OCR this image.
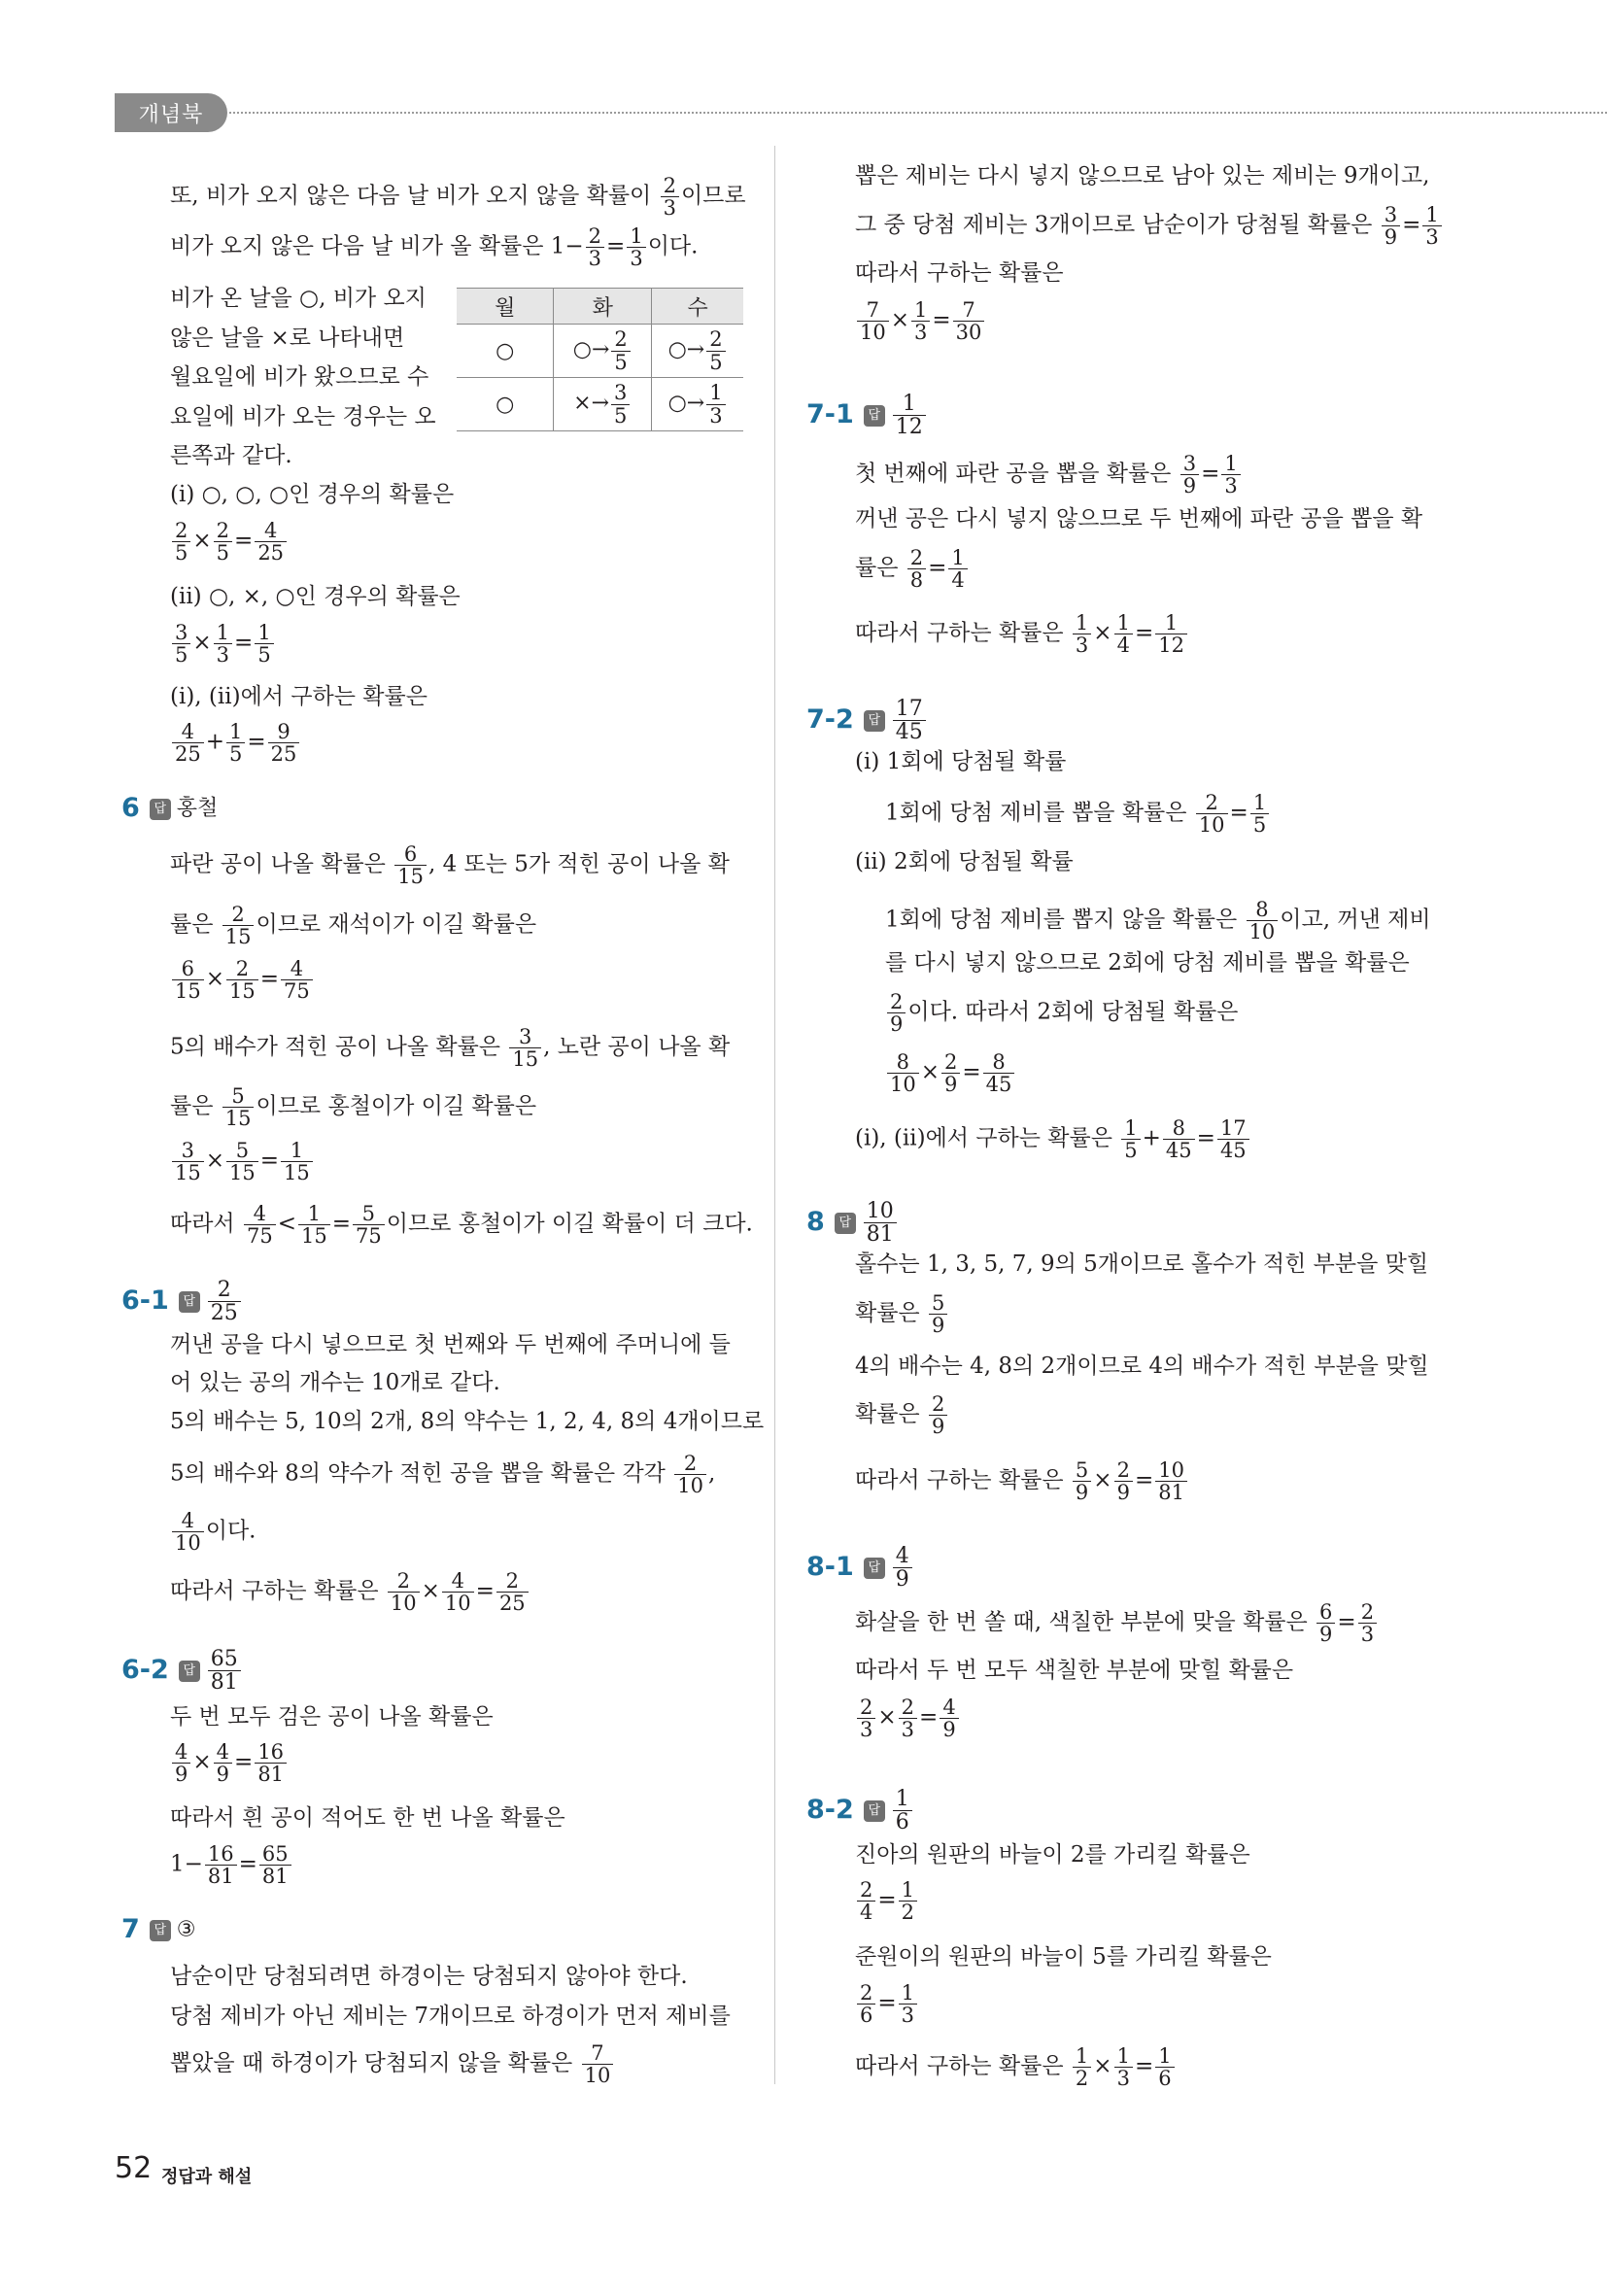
개념북
또, 비가 오지 않은 다음 날 비가 오지 않을 확률이 $\frac{2}{3}$ 이므로
비가 오지 않은 다음 날 비가 올 확률은 $1- \frac{2}{3} = \frac{1}{3}$ 이다.
비가 온 날을 ○, 비가 오지
않은 날을 ×로 나타내면
월요일에 비가 왔으므로 수
요일에 비가 오는 경우는 오
른쪽과 같다.
월	화	수
○	○→ $\frac{2}{5}$	○→ $\frac{2}{5}$

○	×→ $\frac{3}{5}$	○→ $\frac{1}{3}$
(ⅰ) ○, ○, ○인 경우의 확률은
$\frac{2}{5} \times \frac{2}{5} = \frac{4}{25}$
(ⅱ) ○, ×, ○인 경우의 확률은
$\frac{3}{5} \times \frac{1}{3} = \frac{1}{5}$
(ⅰ), (ⅱ)에서 구하는 확률은
$\frac{4}{25} + \frac{1}{5} = \frac{9}{25}$
6 답 홍철
파란 공이 나올 확률은 $\frac{6}{15}$ , 4 또는 5가 적힌 공이 나올 확
률은 $\frac{2}{15}$ 이므로 재석이가 이길 확률은
$\frac{6}{15} \times \frac{2}{15} = \frac{4}{75}$
5의 배수가 적힌 공이 나올 확률은 $\frac{3}{15}$ , 노란 공이 나올 확
률은 $\frac{5}{15}$ 이므로 홍철이가 이길 확률은
$\frac{3}{15} \times \frac{5}{15} = \frac{1}{15}$
따라서 $\frac{4}{75} < \frac{1}{15} = \frac{5}{75}$ 이므로 홍철이가 이길 확률이 더 크다.
6-1 답 $\frac{2}{25}$
꺼낸 공을 다시 넣으므로 첫 번째와 두 번째에 주머니에 들
어 있는 공의 개수는 10개로 같다.
5의 배수는 5, 10의 2개, 8의 약수는 1, 2, 4, 8의 4개이므로
5의 배수와 8의 약수가 적힌 공을 뽑을 확률은 각각 $\frac{2}{10}$ ,
$\frac{4}{10}$ 이다.
따라서 구하는 확률은 $\frac{2}{10} \times \frac{4}{10} = \frac{2}{25}$
6-2 답 $\frac{65}{81}$
두 번 모두 검은 공이 나올 확률은
$\frac{4}{9} \times \frac{4}{9} = \frac{16}{81}$
따라서 흰 공이 적어도 한 번 나올 확률은
$1- \frac{16}{81} = \frac{65}{81}$
7 답 ③
남순이만 당첨되려면 하경이는 당첨되지 않아야 한다.
당첨 제비가 아닌 제비는 7개이므로 하경이가 먼저 제비를
뽑았을 때 하경이가 당첨되지 않을 확률은 $\frac{7}{10}$
뽑은 제비는 다시 넣지 않으므로 남아 있는 제비는 9개이고,
그 중 당첨 제비는 3개이므로 남순이가 당첨될 확률은 $\frac{3}{9} = \frac{1}{3}$
따라서 구하는 확률은
$\frac{7}{10} \times \frac{1}{3} = \frac{7}{30}$
7-1 답 $\frac{1}{12}$
첫 번째에 파란 공을 뽑을 확률은 $\frac{3}{9} = \frac{1}{3}$
꺼낸 공은 다시 넣지 않으므로 두 번째에 파란 공을 뽑을 확
률은 $\frac{2}{8} = \frac{1}{4}$
따라서 구하는 확률은 $\frac{1}{3} \times \frac{1}{4} = \frac{1}{12}$
7-2 답 $\frac{17}{45}$
(ⅰ) 1회에 당첨될 확률
1회에 당첨 제비를 뽑을 확률은 $\frac{2}{10} = \frac{1}{5}$
(ⅱ) 2회에 당첨될 확률
1회에 당첨 제비를 뽑지 않을 확률은 $\frac{8}{10}$ 이고, 꺼낸 제비
를 다시 넣지 않으므로 2회에 당첨 제비를 뽑을 확률은
$\frac{2}{9}$ 이다. 따라서 2회에 당첨될 확률은
$\frac{8}{10} \times \frac{2}{9} = \frac{8}{45}$
(ⅰ), (ⅱ)에서 구하는 확률은 $\frac{1}{5} + \frac{8}{45} = \frac{17}{45}$
8 답 $\frac{10}{81}$
홀수는 1, 3, 5, 7, 9의 5개이므로 홀수가 적힌 부분을 맞힐
확률은 $\frac{5}{9}$
4의 배수는 4, 8의 2개이므로 4의 배수가 적힌 부분을 맞힐
확률은 $\frac{2}{9}$
따라서 구하는 확률은 $\frac{5}{9} \times \frac{2}{9} = \frac{10}{81}$
8-1 답 $\frac{4}{9}$
화살을 한 번 쏠 때, 색칠한 부분에 맞을 확률은 $\frac{6}{9} = \frac{2}{3}$
따라서 두 번 모두 색칠한 부분에 맞힐 확률은
$\frac{2}{3} \times \frac{2}{3} = \frac{4}{9}$
8-2 답 $\frac{1}{6}$
진아의 원판의 바늘이 2를 가리킬 확률은
$\frac{2}{4} = \frac{1}{2}$
준원이의 원판의 바늘이 5를 가리킬 확률은
$\frac{2}{6} = \frac{1}{3}$
따라서 구하는 확률은 $\frac{1}{2} \times \frac{1}{3} = \frac{1}{6}$
52 정답과 해설
